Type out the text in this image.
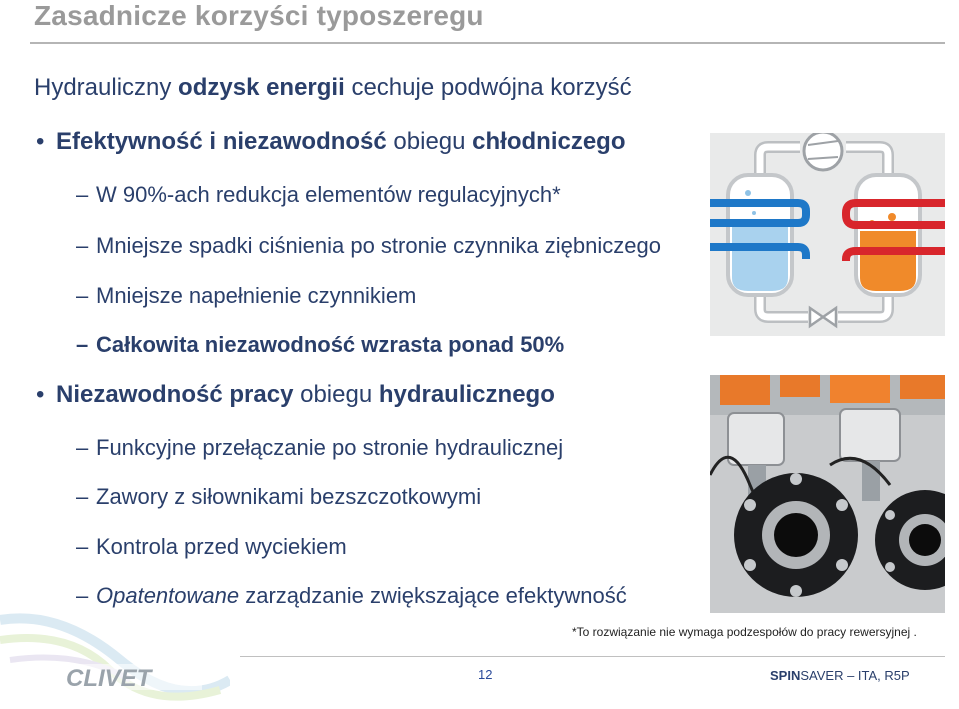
Zasadnicze korzyści typoszeregu
Hydrauliczny odzysk energii cechuje podwójna korzyść
• Efektywność i niezawodność obiegu chłodniczego
– W 90%-ach redukcja elementów regulacyjnych*
– Mniejsze spadki ciśnienia po stronie czynnika ziębniczego
– Mniejsze napełnienie czynnikiem
– Całkowita niezawodność wzrasta ponad 50%
• Niezawodność pracy obiegu hydraulicznego
– Funkcyjne przełączanie po stronie hydraulicznej
– Zawory z siłownikami bezszczotkowymi
– Kontrola przed wyciekiem
– Opatentowane zarządzanie zwiększające efektywność
*To rozwiązanie nie wymaga podzespołów do pracy rewersyjnej .
CLIVET	12	SPINSAVER – ITA, R5P
